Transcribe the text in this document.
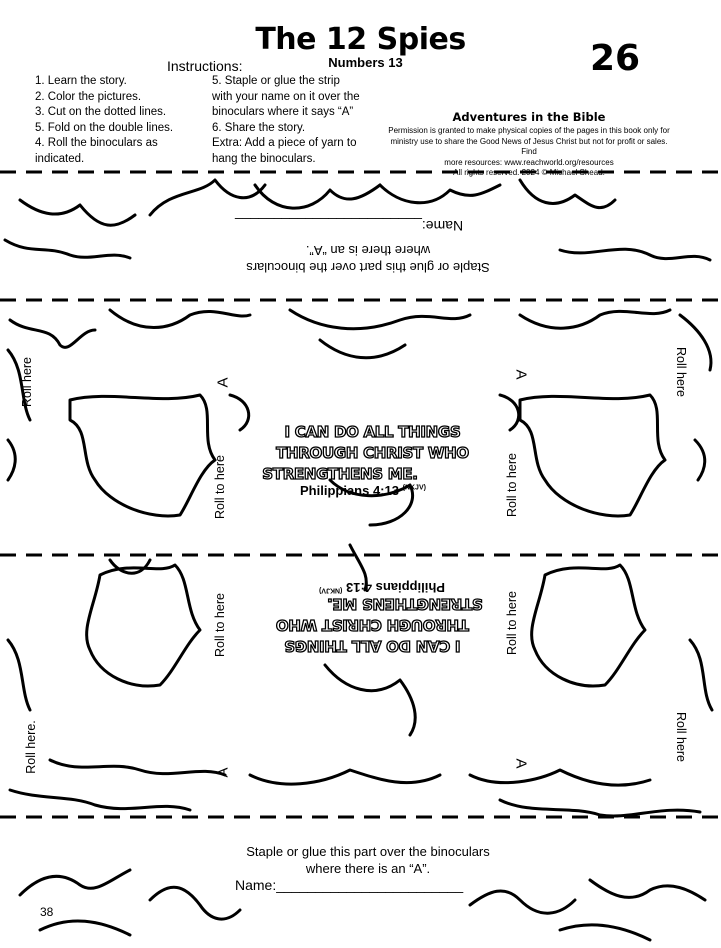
The 12 Spies
Numbers 13	26
Instructions:
1. Learn the story.
2. Color the pictures.
3. Cut on the dotted lines.
5. Fold on the double lines.
4. Roll the binoculars as
indicated.
5. Staple or glue the strip
with your name on it over the
binoculars where it says “A”
6. Share the story.
Extra: Add a piece of yarn to
hang the binoculars.
Adventures in the Bible
Permission is granted to make physical copies of the pages in this book only for
ministry use to share the Good News of Jesus Christ but not for profit or sales. Find
more resources: www.reachworld.org/resources
All rights reserved. 2024 © Michael Shead.
Name:________________________
Staple or glue this part over the binoculars
where there is an “A”.
Roll here	Roll here
Roll to here	Roll to here
A
A
I CAN DO ALL THINGS
THROUGH CHRIST WHO
STRENGTHENS ME.
Philippians 4:13 $^{(NKJV)}$
I CAN DO ALL THINGS
THROUGH CHRIST WHO
STRENGTHENS ME.
Philippians 4:13 $^{(NKJV)}$
Roll to here	Roll to here
Roll here.	Roll here
A
A
Staple or glue this part over the binoculars
where there is an “A”.
Name:________________________
38
